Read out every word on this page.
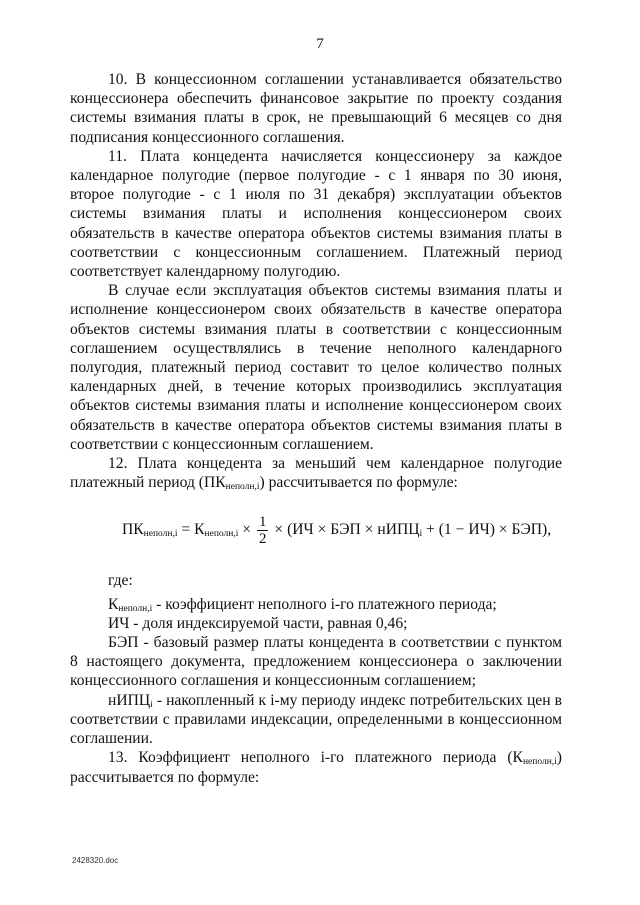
7

10. В концессионном соглашении устанавливается обязательство концессионера обеспечить финансовое закрытие по проекту создания системы взимания платы в срок, не превышающий 6 месяцев со дня подписания концессионного соглашения.

11. Плата концедента начисляется концессионеру за каждое календарное полугодие (первое полугодие - с 1 января по 30 июня, второе полугодие - с 1 июля по 31 декабря) эксплуатации объектов системы взимания платы и исполнения концессионером своих обязательств в качестве оператора объектов системы взимания платы в соответствии с концессионным соглашением. Платежный период соответствует календарному полугодию.

В случае если эксплуатация объектов системы взимания платы и исполнение концессионером своих обязательств в качестве оператора объектов системы взимания платы в соответствии с концессионным соглашением осуществлялись в течение неполного календарного полугодия, платежный период составит то целое количество полных календарных дней, в течение которых производились эксплуатация объектов системы взимания платы и исполнение концессионером своих обязательств в качестве оператора объектов системы взимания платы в соответствии с концессионным соглашением.

12. Плата концедента за меньший чем календарное полугодие платежный период $(ПК_{неполн,i})$ рассчитывается по формуле:

$ПК_{неполн,i} = К_{неполн,i} \times \frac{1}{2} \times (ИЧ$ × БЭП × нИПЦ$_i$ + (1 − ИЧ) × БЭП),

где:

$К_{неполн,i}$ - коэффициент неполного i-го платежного периода;

ИЧ - доля индексируемой части, равная 0,46;

БЭП - базовый размер платы концедента в соответствии с пунктом 8 настоящего документа, предложением концессионера о заключении концессионного соглашения и концессионным соглашением;

нИПЦ$_i$ - накопленный к i-му периоду индекс потребительских цен в соответствии с правилами индексации, определенными в концессионном соглашении.

13. Коэффициент неполного i-го платежного периода $(К_{неполн,i})$ рассчитывается по формуле:

2428320.doc
